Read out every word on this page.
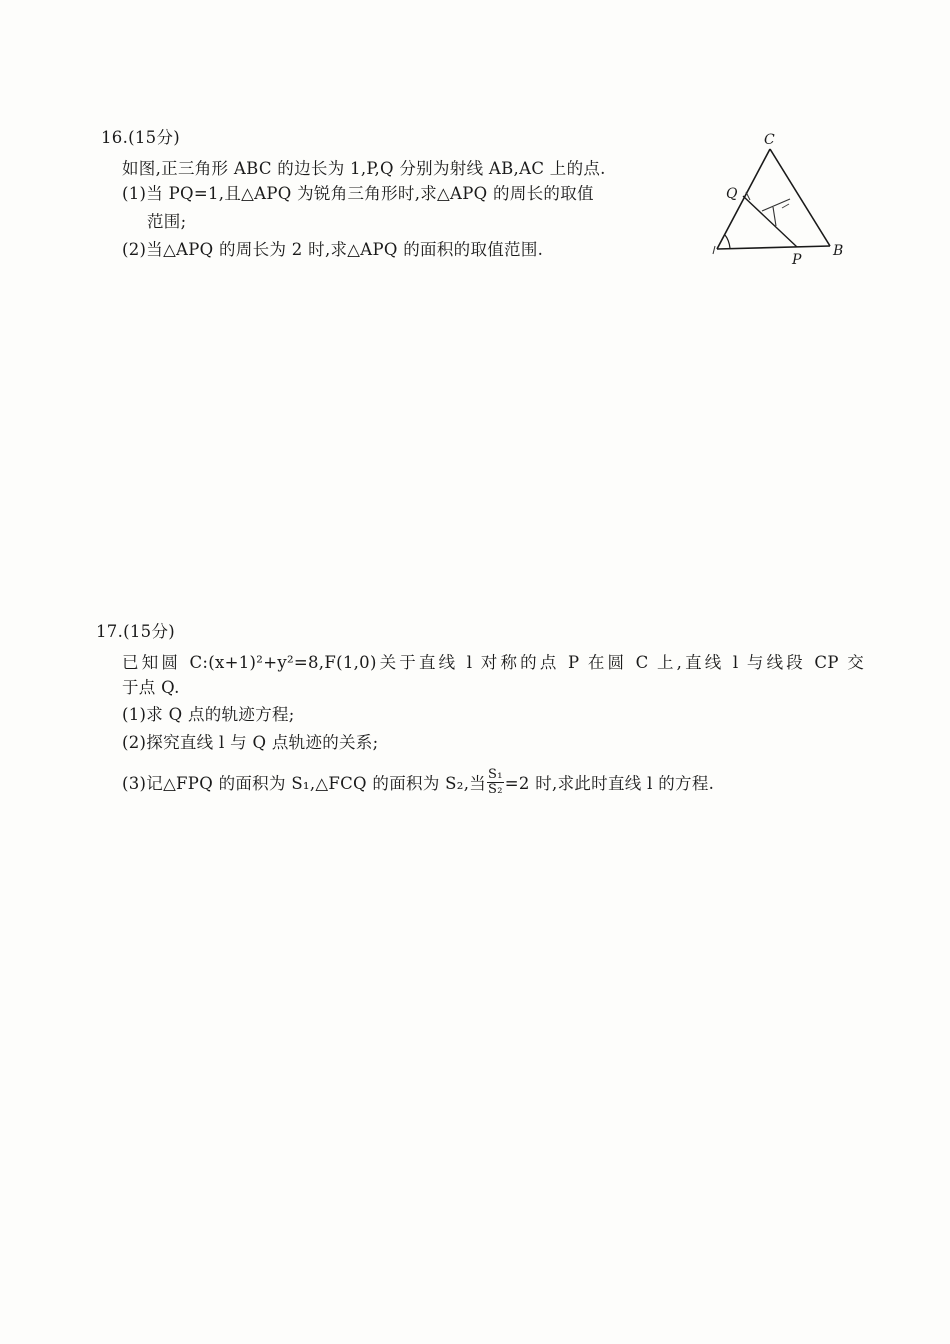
16.(15分)
如图,正三角形 ABC 的边长为 1,P,Q 分别为射线 AB,AC 上的点.
(1)当 PQ=1,且△APQ 为锐角三角形时,求△APQ 的周长的取值
范围;
(2)当△APQ 的周长为 2 时,求△APQ 的面积的取值范围.
C
Q
P
B
17.(15分)
已知圆 C:(x+1)²+y²=8,F(1,0)关于直线 l 对称的点 P 在圆 C 上,直线 l 与线段 CP 交
于点 Q.
(1)求 Q 点的轨迹方程;
(2)探究直线 l 与 Q 点轨迹的关系;
(3)记△FPQ 的面积为 S₁,△FCQ 的面积为 S₂,当 $\frac{\text{S₁}}{\text{S₂}} =2$ 时,求此时直线 l 的方程.
